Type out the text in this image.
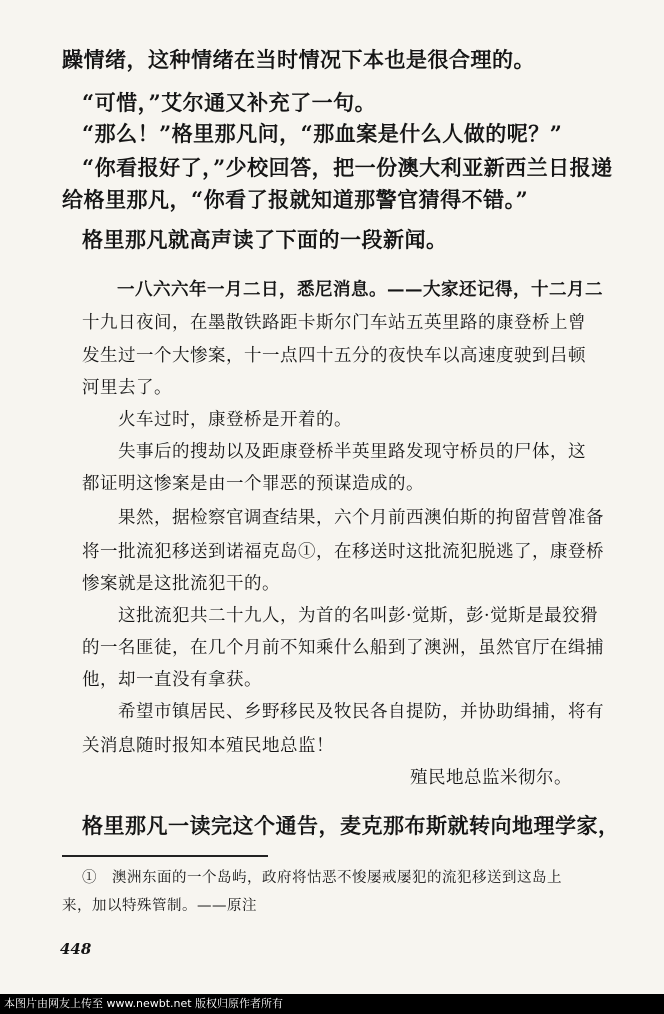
躁情绪，这种情绪在当时情况下本也是很合理的。
“可惜，”艾尔通又补充了一句。
“那么！”格里那凡问，“那血案是什么人做的呢？”
“你看报好了，”少校回答，把一份澳大利亚新西兰日报递
给格里那凡，“你看了报就知道那警官猜得不错。”
格里那凡就高声读了下面的一段新闻。
一八六六年一月二日，悉尼消息。——大家还记得，十二月二
十九日夜间，在墨散铁路距卡斯尔门车站五英里路的康登桥上曾
发生过一个大惨案，十一点四十五分的夜快车以高速度驶到吕顿
河里去了。
火车过时，康登桥是开着的。
失事后的搜劫以及距康登桥半英里路发现守桥员的尸体，这
都证明这惨案是由一个罪恶的预谋造成的。
果然，据检察官调查结果，六个月前西澳伯斯的拘留营曾准备
将一批流犯移送到诺福克岛①，在移送时这批流犯脱逃了，康登桥
惨案就是这批流犯干的。
这批流犯共二十九人，为首的名叫彭·觉斯，彭·觉斯是最狡猾
的一名匪徒，在几个月前不知乘什么船到了澳洲，虽然官厅在缉捕
他，却一直没有拿获。
希望市镇居民、乡野移民及牧民各自提防，并协助缉捕，将有
关消息随时报知本殖民地总监！
殖民地总监米彻尔。
格里那凡一读完这个通告，麦克那布斯就转向地理学家，
①　澳洲东面的一个岛屿，政府将怙恶不悛屡戒屡犯的流犯移送到这岛上
来，加以特殊管制。——原注
448
本图片由网友上传至 www.newbt.net 版权归原作者所有
